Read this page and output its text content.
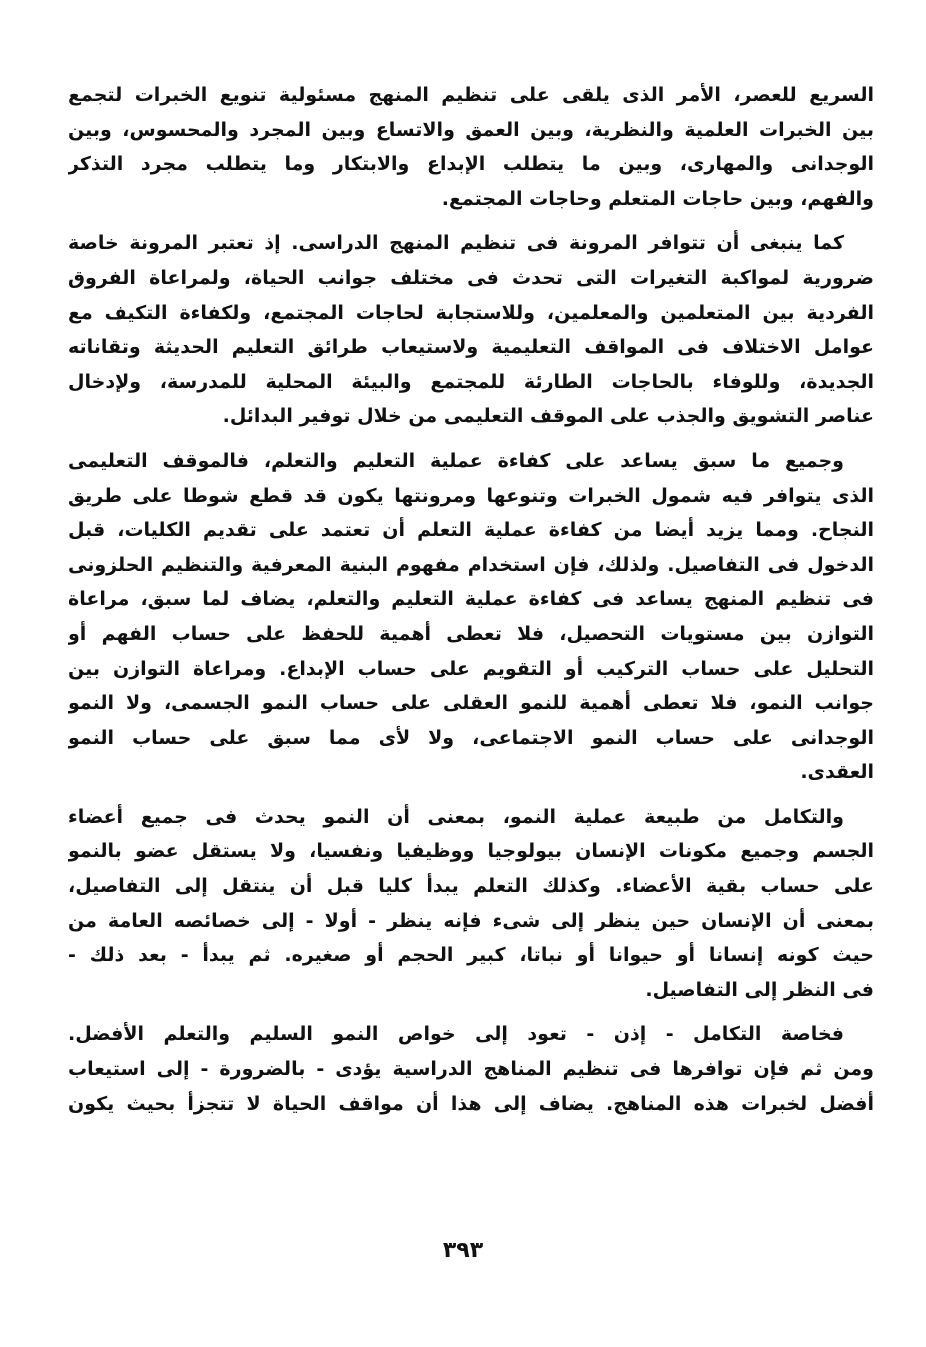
السريع للعصر، الأمر الذى يلقى على تنظيم المنهج مسئولية تنويع الخبرات لتجمع
بين الخبرات العلمية والنظرية، وبين العمق والاتساع وبين المجرد والمحسوس، وبين
الوجدانى والمهارى، وبين ما يتطلب الإبداع والابتكار وما يتطلب مجرد التذكر
والفهم، وبين حاجات المتعلم وحاجات المجتمع.
كما ينبغى أن تتوافر المرونة فى تنظيم المنهج الدراسى. إذ تعتبر المرونة خاصة
ضرورية لمواكبة التغيرات التى تحدث فى مختلف جوانب الحياة، ولمراعاة الفروق
الفردية بين المتعلمين والمعلمين، وللاستجابة لحاجات المجتمع، ولكفاءة التكيف مع
عوامل الاختلاف فى المواقف التعليمية ولاستيعاب طرائق التعليم الحديثة وتقاناته
الجديدة، وللوفاء بالحاجات الطارئة للمجتمع والبيئة المحلية للمدرسة، ولإدخال
عناصر التشويق والجذب على الموقف التعليمى من خلال توفير البدائل.
وجميع ما سبق يساعد على كفاءة عملية التعليم والتعلم، فالموقف التعليمى
الذى يتوافر فيه شمول الخبرات وتنوعها ومرونتها يكون قد قطع شوطا على طريق
النجاح. ومما يزيد أيضا من كفاءة عملية التعلم أن تعتمد على تقديم الكليات، قبل
الدخول فى التفاصيل. ولذلك، فإن استخدام مفهوم البنية المعرفية والتنظيم الحلزونى
فى تنظيم المنهج يساعد فى كفاءة عملية التعليم والتعلم، يضاف لما سبق، مراعاة
التوازن بين مستويات التحصيل، فلا تعطى أهمية للحفظ على حساب الفهم أو
التحليل على حساب التركيب أو التقويم على حساب الإبداع. ومراعاة التوازن بين
جوانب النمو، فلا تعطى أهمية للنمو العقلى على حساب النمو الجسمى، ولا النمو
الوجدانى على حساب النمو الاجتماعى، ولا لأى مما سبق على حساب النمو
العقدى.
والتكامل من طبيعة عملية النمو، بمعنى أن النمو يحدث فى جميع أعضاء
الجسم وجميع مكونات الإنسان بيولوجيا ووظيفيا ونفسيا، ولا يستقل عضو بالنمو
على حساب بقية الأعضاء. وكذلك التعلم يبدأ كليا قبل أن ينتقل إلى التفاصيل،
بمعنى أن الإنسان حين ينظر إلى شىء فإنه ينظر - أولا - إلى خصائصه العامة من
حيث كونه إنسانا أو حيوانا أو نباتا، كبير الحجم أو صغيره. ثم يبدأ - بعد ذلك -
فى النظر إلى التفاصيل.
فخاصة التكامل - إذن - تعود إلى خواص النمو السليم والتعلم الأفضل.
ومن ثم فإن توافرها فى تنظيم المناهج الدراسية يؤدى - بالضرورة - إلى استيعاب
أفضل لخبرات هذه المناهج. يضاف إلى هذا أن مواقف الحياة لا تتجزأ بحيث يكون
٣٩٣
